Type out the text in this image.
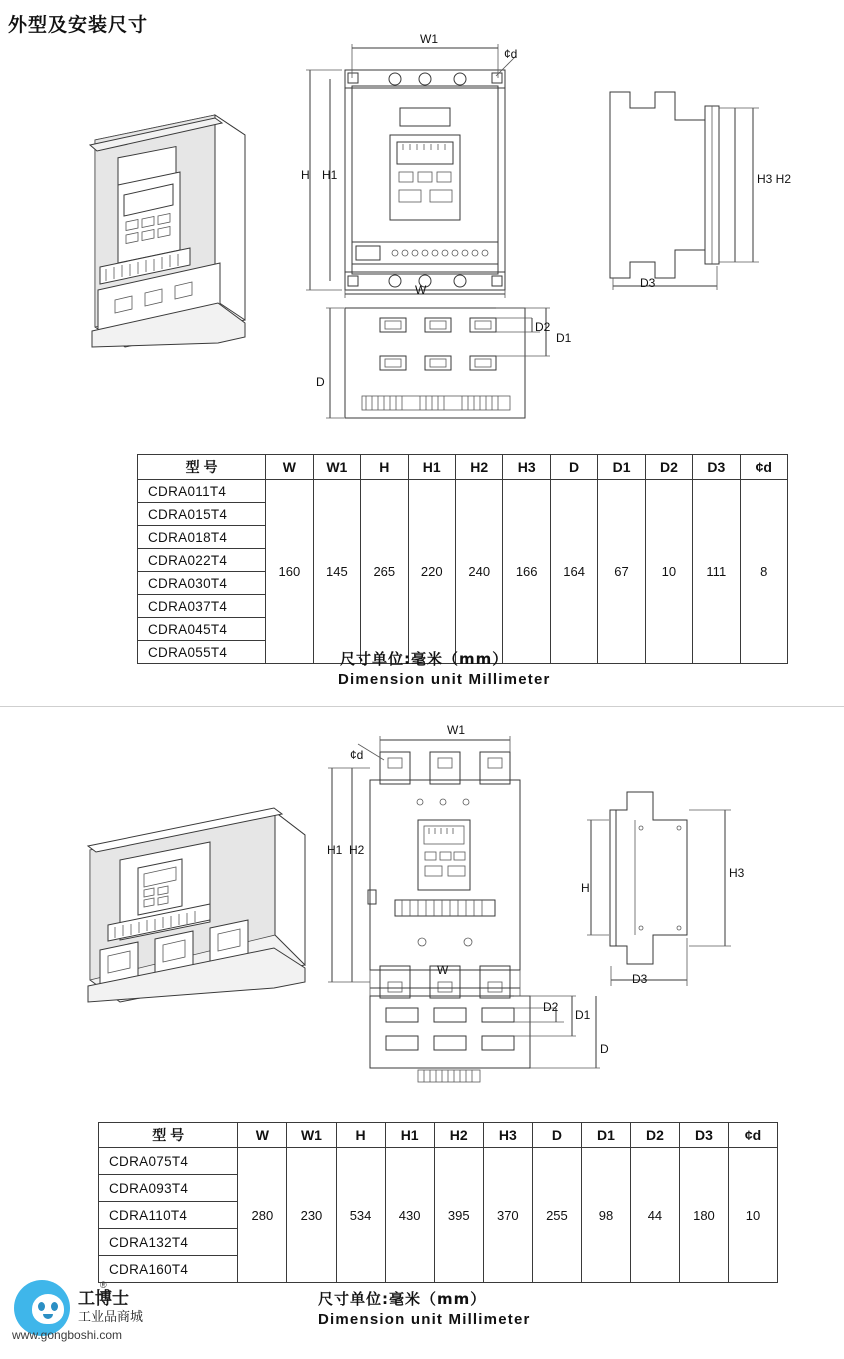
外型及安装尺寸
W1
W
H H1
¢d
H3 H2
D3
D2
D1
D
型 号	W	W1	H	H1	H2	H3	D	D1	D2	D3	¢d
CDRA011T4	160	145	265	220	240	166	164	67	10	111	8
CDRA015T4											
CDRA018T4											
CDRA022T4											
CDRA030T4											
CDRA037T4											
CDRA045T4											
CDRA055T4												尺寸单位:毫米（mm）
Dimension unit Millimeter
W1
W
H1 H2
¢d
H
H3
D3
D2
D1
D
型 号	W	W1	H	H1	H2	H3	D	D1	D2	D3	¢d
CDRA075T4	280	230	534	430	395	370	255	98	44	180	10
CDRA093T4											
CDRA110T4											
CDRA132T4											
CDRA160T4											
尺寸单位:毫米（mm）
Dimension unit Millimeter
工博士
®
工业品商城
www.gongboshi.com
